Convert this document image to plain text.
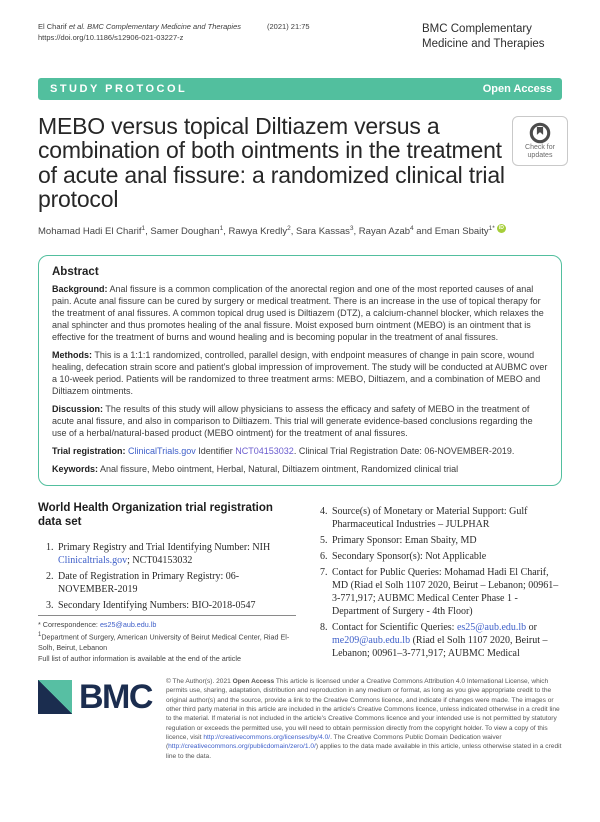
El Charif et al. BMC Complementary Medicine and Therapies	(2021) 21:75
https://doi.org/10.1186/s12906-021-03227-z
BMC Complementary
Medicine and Therapies
STUDY PROTOCOL	Open Access
MEBO versus topical Diltiazem versus a combination of both ointments in the treatment of acute anal fissure: a randomized clinical trial protocol
Check for
updates
Mohamad Hadi El Charif$^1$, Samer Doughan$^1$, Rawya Kredly$^2$, Sara Kassas$^3$, Rayan Azab$^4$ and Eman Sbaity$^{1*}$ iD
Abstract

Background: Anal fissure is a common complication of the anorectal region and one of the most reported causes of anal pain. Acute anal fissure can be cured by surgery or medical treatment. There is an increase in the use of topical therapy for the treatment of anal fissures. A common topical drug used is Diltiazem (DTZ), a calcium-channel blocker, which relaxes the anal sphincter and thus promotes healing of the anal fissure. Moist exposed burn ointment (MEBO) is an ointment that is effective for the treatment of burns and wound healing and is becoming popular in the treatment of anal fissures.

Methods: This is a 1:1:1 randomized, controlled, parallel design, with endpoint measures of change in pain score, wound healing, defecation strain score and patient's global impression of improvement. The study will be conducted at AUBMC over a 10-week period. Patients will be randomized to three treatment arms: MEBO, Diltiazem, and a combination of MEBO and Diltiazem ointments.

Discussion: The results of this study will allow physicians to assess the efficacy and safety of MEBO in the treatment of acute anal fissure, and also in comparison to Diltiazem. This trial will generate evidence-based conclusions regarding the use of a herbal/natural-based product (MEBO ointment) for the treatment of anal fissures.

Trial registration: ClinicalTrials.gov Identifier NCT04153032. Clinical Trial Registration Date: 06-NOVEMBER-2019.

Keywords: Anal fissure, Mebo ointment, Herbal, Natural, Diltiazem ointment, Randomized clinical trial

World Health Organization trial registration data set
1. Primary Registry and Trial Identifying Number: NIH Clinicaltrials.gov; NCT04153032
2. Date of Registration in Primary Registry: 06-NOVEMBER-2019
3. Secondary Identifying Numbers: BIO-2018-0547
* Correspondence: es25@aub.edu.lb
$^1$Department of Surgery, American University of Beirut Medical Center, Riad El-Solh, Beirut, Lebanon
Full list of author information is available at the end of the article
4. Source(s) of Monetary or Material Support: Gulf Pharmaceutical Industries – JULPHAR
5. Primary Sponsor: Eman Sbaity, MD
6. Secondary Sponsor(s): Not Applicable
7. Contact for Public Queries: Mohamad Hadi El Charif, MD (Riad el Solh 1107 2020, Beirut – Lebanon; 00961–3-771,917; AUBMC Medical Center Phase 1 - Department of Surgery - 4th Floor)
8. Contact for Scientific Queries: es25@aub.edu.lb or me209@aub.edu.lb (Riad el Solh 1107 2020, Beirut – Lebanon; 00961–3-771,917; AUBMC Medical
BMC © The Author(s). 2021 Open Access This article is licensed under a Creative Commons Attribution 4.0 International License, which permits use, sharing, adaptation, distribution and reproduction in any medium or format, as long as you give appropriate credit to the original author(s) and the source, provide a link to the Creative Commons licence, and indicate if changes were made. The images or other third party material in this article are included in the article's Creative Commons licence, unless indicated otherwise in a credit line to the material. If material is not included in the article's Creative Commons licence and your intended use is not permitted by statutory regulation or exceeds the permitted use, you will need to obtain permission directly from the copyright holder. To view a copy of this licence, visit http://creativecommons.org/licenses/by/4.0/. The Creative Commons Public Domain Dedication waiver (http://creativecommons.org/publicdomain/zero/1.0/) applies to the data made available in this article, unless otherwise stated in a credit line to the data.
